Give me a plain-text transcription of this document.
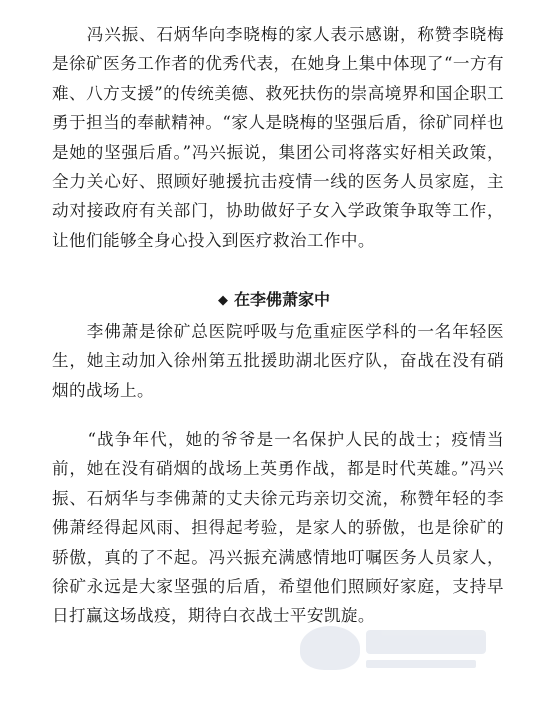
　　冯兴振、石炳华向李晓梅的家人表示感谢，称赞李晓梅是徐矿医务工作者的优秀代表，在她身上集中体现了“一方有难、八方支援”的传统美德、救死扶伤的崇高境界和国企职工勇于担当的奉献精神。“家人是晓梅的坚强后盾，徐矿同样也是她的坚强后盾。”冯兴振说，集团公司将落实好相关政策，全力关心好、照顾好驰援抗击疫情一线的医务人员家庭，主动对接政府有关部门，协助做好子女入学政策争取等工作，让他们能够全身心投入到医疗救治工作中。

◆ 在李佛萧家中

　　李佛萧是徐矿总医院呼吸与危重症医学科的一名年轻医生，她主动加入徐州第五批援助湖北医疗队，奋战在没有硝烟的战场上。

　　“战争年代，她的爷爷是一名保护人民的战士；疫情当前，她在没有硝烟的战场上英勇作战，都是时代英雄。”冯兴振、石炳华与李佛萧的丈夫徐元玙亲切交流，称赞年轻的李佛萧经得起风雨、担得起考验，是家人的骄傲，也是徐矿的骄傲，真的了不起。冯兴振充满感情地叮嘱医务人员家人，徐矿永远是大家坚强的后盾，希望他们照顾好家庭，支持早日打赢这场战疫，期待白衣战士平安凯旋。
